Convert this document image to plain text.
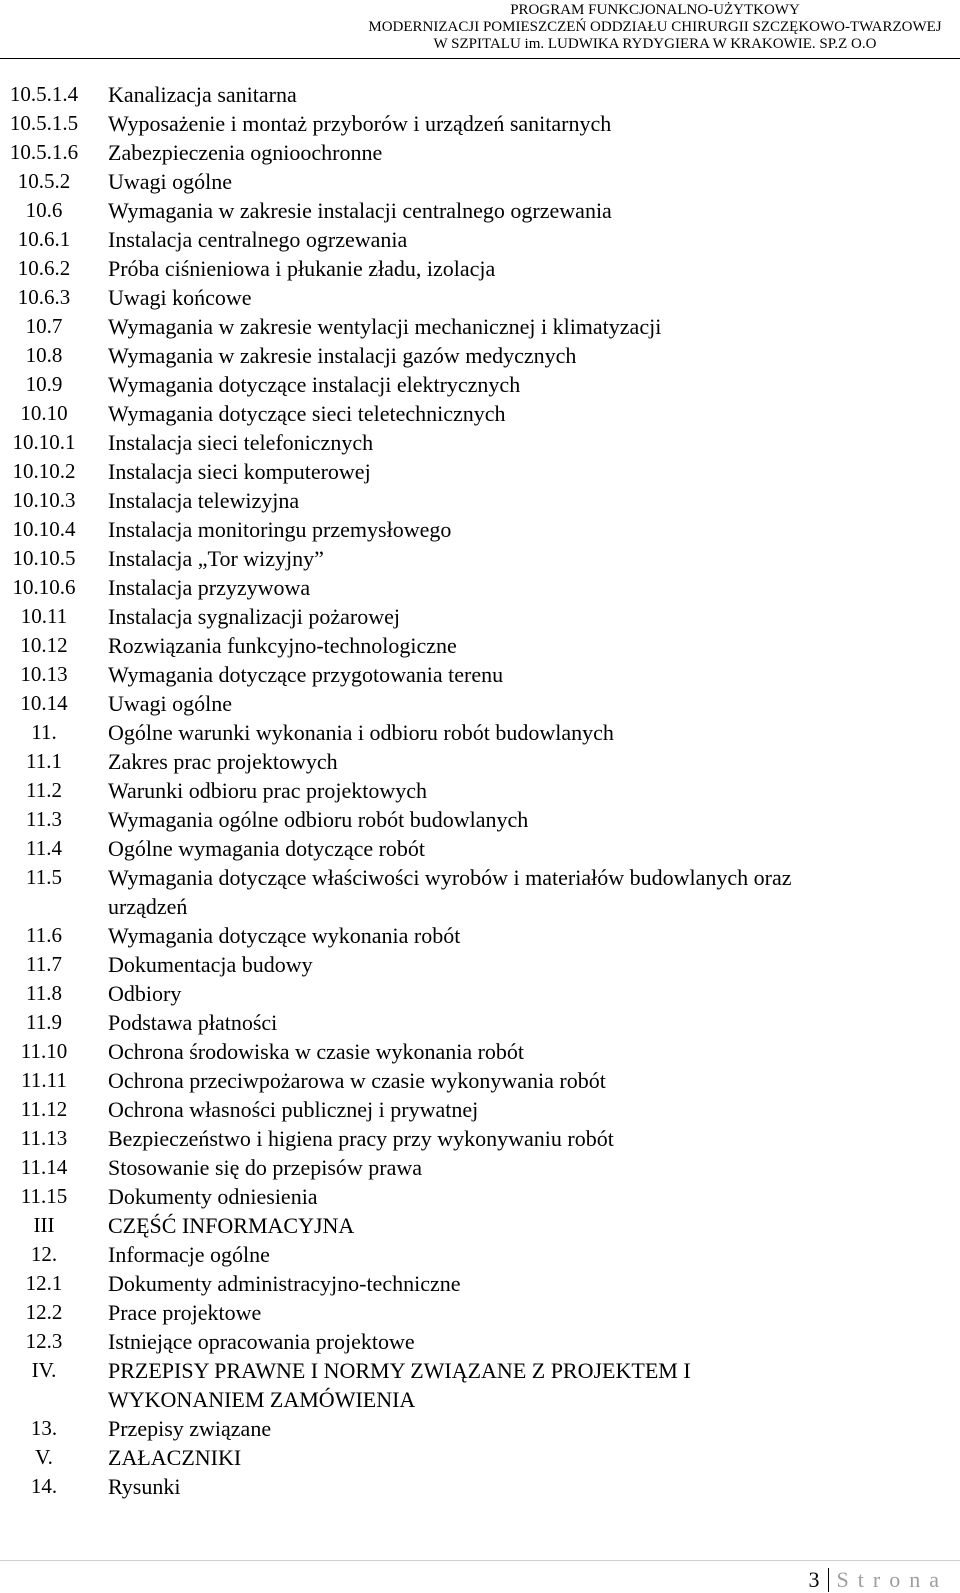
PROGRAM FUNKCJONALNO-UŻYTKOWY
MODERNIZACJI POMIESZCZEŃ ODDZIAŁU CHIRURGII SZCZĘKOWO-TWARZOWEJ
W SZPITALU im. LUDWIKA RYDYGIERA W KRAKOWIE. SP.Z O.O
10.5.1.4	Kanalizacja sanitarna
10.5.1.5	Wyposażenie i montaż przyborów i urządzeń sanitarnych
10.5.1.6	Zabezpieczenia ognioochronne
10.5.2	Uwagi ogólne
10.6	Wymagania w zakresie instalacji centralnego ogrzewania
10.6.1	Instalacja centralnego ogrzewania
10.6.2	Próba ciśnieniowa i płukanie zładu, izolacja
10.6.3	Uwagi końcowe
10.7	Wymagania w zakresie wentylacji mechanicznej i klimatyzacji
10.8	Wymagania w zakresie instalacji gazów medycznych
10.9	Wymagania dotyczące instalacji elektrycznych
10.10	Wymagania dotyczące sieci teletechnicznych
10.10.1	Instalacja sieci telefonicznych
10.10.2	Instalacja sieci komputerowej
10.10.3	Instalacja telewizyjna
10.10.4	Instalacja monitoringu przemysłowego
10.10.5	Instalacja „Tor wizyjny”
10.10.6	Instalacja przyzywowa
10.11	Instalacja sygnalizacji pożarowej
10.12	Rozwiązania funkcyjno-technologiczne
10.13	Wymagania dotyczące przygotowania terenu
10.14	Uwagi ogólne
11.	Ogólne warunki wykonania i odbioru robót budowlanych
11.1	Zakres prac projektowych
11.2	Warunki odbioru prac projektowych
11.3	Wymagania ogólne odbioru robót budowlanych
11.4	Ogólne wymagania dotyczące robót
11.5	Wymagania dotyczące właściwości wyrobów i materiałów budowlanych oraz urządzeń
11.6	Wymagania dotyczące wykonania robót
11.7	Dokumentacja budowy
11.8	Odbiory
11.9	Podstawa płatności
11.10	Ochrona środowiska w czasie wykonania robót
11.11	Ochrona przeciwpożarowa w czasie wykonywania robót
11.12	Ochrona własności publicznej i prywatnej
11.13	Bezpieczeństwo i higiena pracy przy wykonywaniu robót
11.14	Stosowanie się do przepisów prawa
11.15	Dokumenty odniesienia
III	CZĘŚĆ INFORMACYJNA
12.	Informacje ogólne
12.1	Dokumenty administracyjno-techniczne
12.2	Prace projektowe
12.3	Istniejące opracowania projektowe
IV.	PRZEPISY PRAWNE I NORMY ZWIĄZANE Z PROJEKTEM I WYKONANIEM ZAMÓWIENIA
13.	Przepisy związane
V.	ZAŁACZNIKI
14.	Rysunki
3 Strona
